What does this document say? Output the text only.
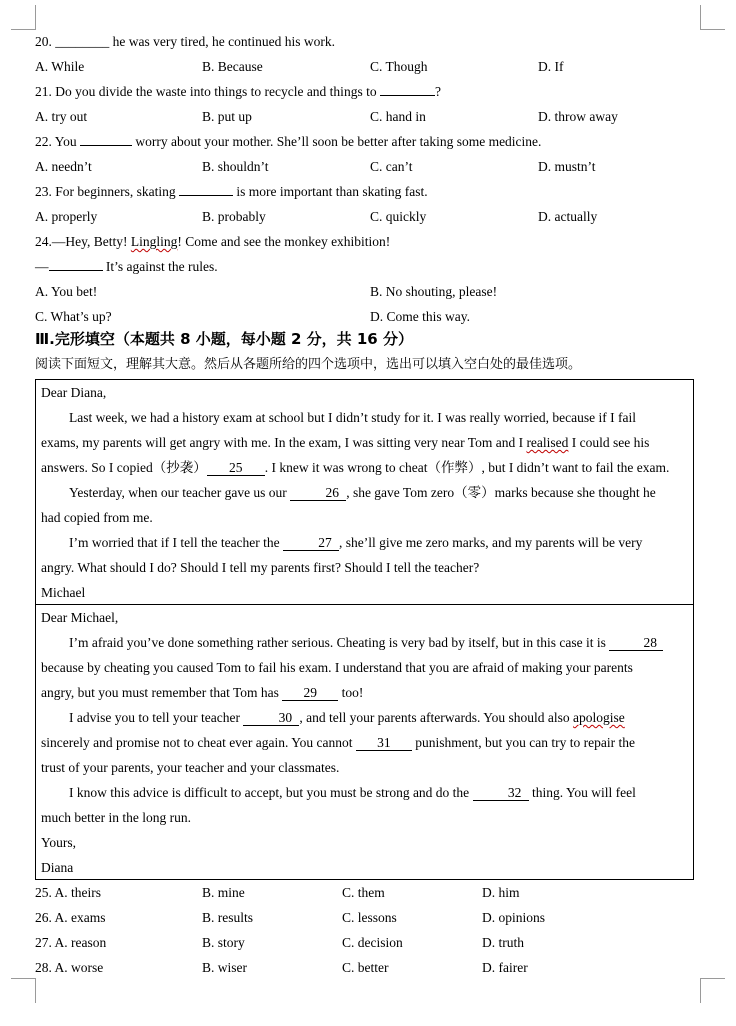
20. ________ he was very tired, he continued his work.
A. While	B. Because	C. Though	D. If
21. Do you divide the waste into things to recycle and things to	?
A. try out	B. put up	C. hand in	D. throw away
22. You	worry about your mother. She’ll soon be better after taking some medicine.
A. needn’t	B. shouldn’t	C. can’t	D. mustn’t
23. For beginners, skating	is more important than skating fast.
A. properly	B. probably	C. quickly	D. actually
24.—Hey, Betty! Lingling! Come and see the monkey exhibition!
—	It’s against the rules.
A. You bet!	B. No shouting, please!
C. What’s up?	D. Come this way.
Ⅲ.完形填空（本题共 8 小题，每小题 2 分，共 16 分）
阅读下面短文，理解其大意。然后从各题所给的四个选项中，选出可以填入空白处的最佳选项。
Dear Diana,
Last week, we had a history exam at school but I didn’t study for it. I was really worried, because if I fail
exams, my parents will get angry with me. In the exam, I was sitting very near Tom and I realised I could see his
answers. So I copied（抄袭） 25 . I knew it was wrong to cheat（作弊）, but I didn’t want to fail the exam.
Yesterday, when our teacher gave us our	26 , she gave Tom zero（零）marks because she thought he
had copied from me.
I’m worried that if I tell the teacher the	27 , she’ll give me zero marks, and my parents will be very
angry. What should I do? Should I tell my parents first? Should I tell the teacher?
Michael
Dear Michael,
I’m afraid you’ve done something rather serious. Cheating is very bad by itself, but in this case it is	28
because by cheating you caused Tom to fail his exam. I understand that you are afraid of making your parents
angry, but you must remember that Tom has 29 too!
I advise you to tell your teacher	30 , and tell your parents afterwards. You should also apologise
sincerely and promise not to cheat ever again. You cannot 31 punishment, but you can try to repair the
trust of your parents, your teacher and your classmates.
I know this advice is difficult to accept, but you must be strong and do the	32 thing. You will feel
much better in the long run.
Yours,
Diana
25. A. theirs	B. mine	C. them	D. him
26. A. exams	B. results	C. lessons	D. opinions
27. A. reason	B. story	C. decision	D. truth
28. A. worse	B. wiser	C. better	D. fairer
